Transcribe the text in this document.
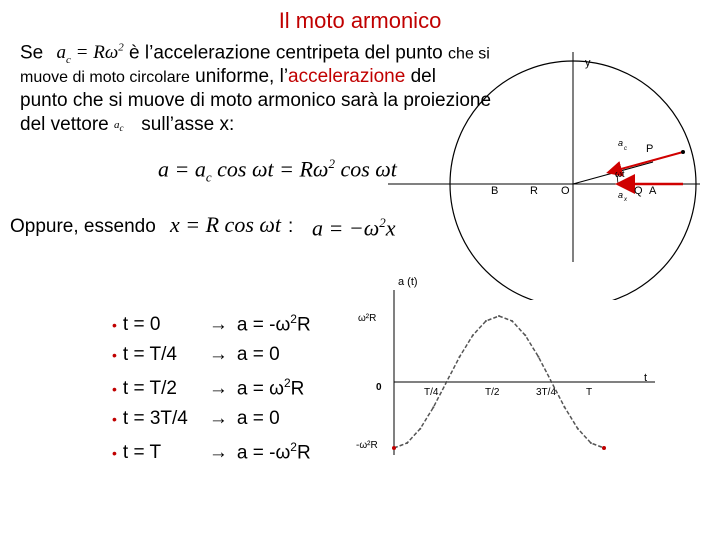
Il moto armonico
Se $a_c = R\omega^2$ è l’accelerazione centripeta del punto che si
muove di moto circolare uniforme, l’accelerazione del
punto che si muove di moto armonico sarà la proiezione
del vettore $a_c$ sull’asse x:
$a = a_c$ $\cos \omega t = R\omega^2$ cos ωt
Oppure, essendo x = R cos ωt : $a = -\omega^2x$
y
P
Q A
O
R
B
ωt
a
c
a x
• t = 0	→ $a = -\omega^2R$
• t = T/4 → a = 0
• $t = T/2 \to a = \omega^2R$
• t = 3T/4 → a = 0
• t = T	→ $a = -\omega^2R$
a (t)
t
ω²R
0
-ω²R
T/4	T/2	3T/4	T
